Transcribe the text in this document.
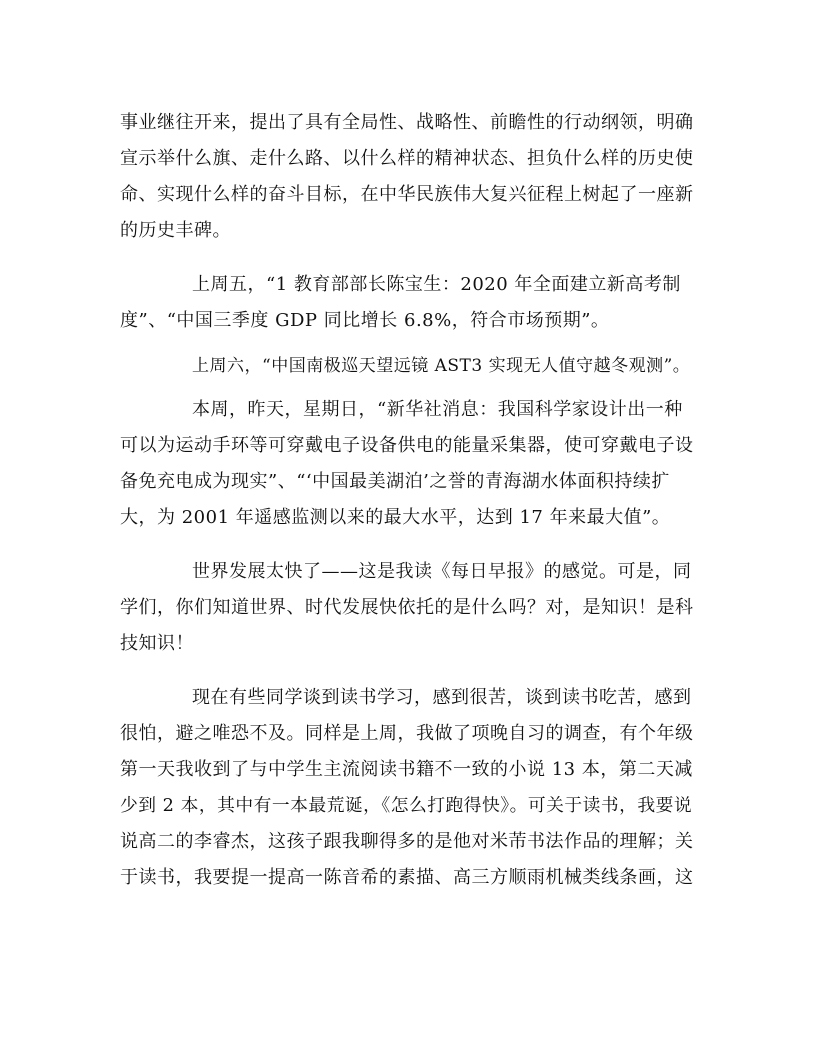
事业继往开来，提出了具有全局性、战略性、前瞻性的行动纲领，明确
宣示举什么旗、走什么路、以什么样的精神状态、担负什么样的历史使
命、实现什么样的奋斗目标，在中华民族伟大复兴征程上树起了一座新
的历史丰碑。
上周五，“1 教育部部长陈宝生：2020 年全面建立新高考制
度”、“中国三季度 GDP 同比增长 6.8%，符合市场预期”。
上周六，“中国南极巡天望远镜 AST3 实现无人值守越冬观测”。
本周，昨天，星期日，“新华社消息：我国科学家设计出一种
可以为运动手环等可穿戴电子设备供电的能量采集器，使可穿戴电子设
备免充电成为现实”、“‘中国最美湖泊’之誉的青海湖水体面积持续扩
大，为 2001 年遥感监测以来的最大水平，达到 17 年来最大值”。
世界发展太快了——这是我读《每日早报》的感觉。可是，同
学们，你们知道世界、时代发展快依托的是什么吗？对，是知识！是科
技知识！
现在有些同学谈到读书学习，感到很苦，谈到读书吃苦，感到
很怕，避之唯恐不及。同样是上周，我做了项晚自习的调查，有个年级
第一天我收到了与中学生主流阅读书籍不一致的小说 13 本，第二天减
少到 2 本，其中有一本最荒诞，《怎么打跑得快》。可关于读书，我要说
说高二的李睿杰，这孩子跟我聊得多的是他对米芾书法作品的理解；关
于读书，我要提一提高一陈音希的素描、高三方顺雨机械类线条画，这
